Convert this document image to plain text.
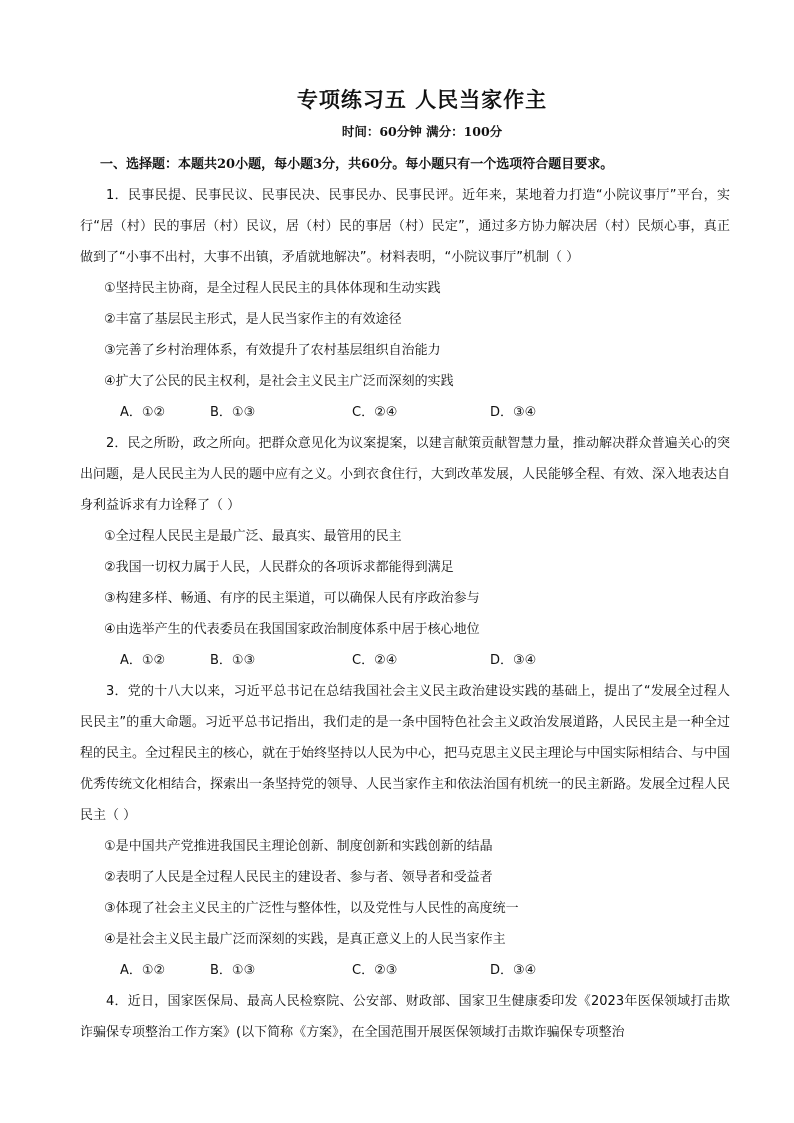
专项练习五 人民当家作主
时间：60分钟 满分：100分
一、选择题：本题共20小题，每小题3分，共60分。每小题只有一个选项符合题目要求。

1．民事民提、民事民议、民事民决、民事民办、民事民评。近年来，某地着力打造“小院议事厅”平台，实行“居（村）民的事居（村）民议，居（村）民的事居（村）民定”，通过多方协力解决居（村）民烦心事，真正做到了“小事不出村，大事不出镇，矛盾就地解决”。材料表明，“小院议事厅”机制（ ）

①坚持民主协商，是全过程人民民主的具体体现和生动实践

②丰富了基层民主形式，是人民当家作主的有效途径

③完善了乡村治理体系，有效提升了农村基层组织自治能力

④扩大了公民的民主权利，是社会主义民主广泛而深刻的实践

A．①②	B．①③	C．②④	D．③④

2．民之所盼，政之所向。把群众意见化为议案提案，以建言献策贡献智慧力量，推动解决群众普遍关心的突出问题，是人民民主为人民的题中应有之义。小到衣食住行，大到改革发展，人民能够全程、有效、深入地表达自身利益诉求有力诠释了（ ）

①全过程人民民主是最广泛、最真实、最管用的民主

②我国一切权力属于人民，人民群众的各项诉求都能得到满足

③构建多样、畅通、有序的民主渠道，可以确保人民有序政治参与

④由选举产生的代表委员在我国国家政治制度体系中居于核心地位

A．①②	B．①③	C．②④	D．③④

3．党的十八大以来，习近平总书记在总结我国社会主义民主政治建设实践的基础上，提出了“发展全过程人民民主”的重大命题。习近平总书记指出，我们走的是一条中国特色社会主义政治发展道路，人民民主是一种全过程的民主。全过程民主的核心，就在于始终坚持以人民为中心，把马克思主义民主理论与中国实际相结合、与中国优秀传统文化相结合，探索出一条坚持党的领导、人民当家作主和依法治国有机统一的民主新路。发展全过程人民民主（ ）

①是中国共产党推进我国民主理论创新、制度创新和实践创新的结晶

②表明了人民是全过程人民民主的建设者、参与者、领导者和受益者

③体现了社会主义民主的广泛性与整体性，以及党性与人民性的高度统一

④是社会主义民主最广泛而深刻的实践，是真正意义上的人民当家作主

A．①②	B．①③	C．②③	D．③④

4．近日，国家医保局、最高人民检察院、公安部、财政部、国家卫生健康委印发《2023年医保领域打击欺诈骗保专项整治工作方案》(以下简称《方案》，在全国范围开展医保领域打击欺诈骗保专项整治
